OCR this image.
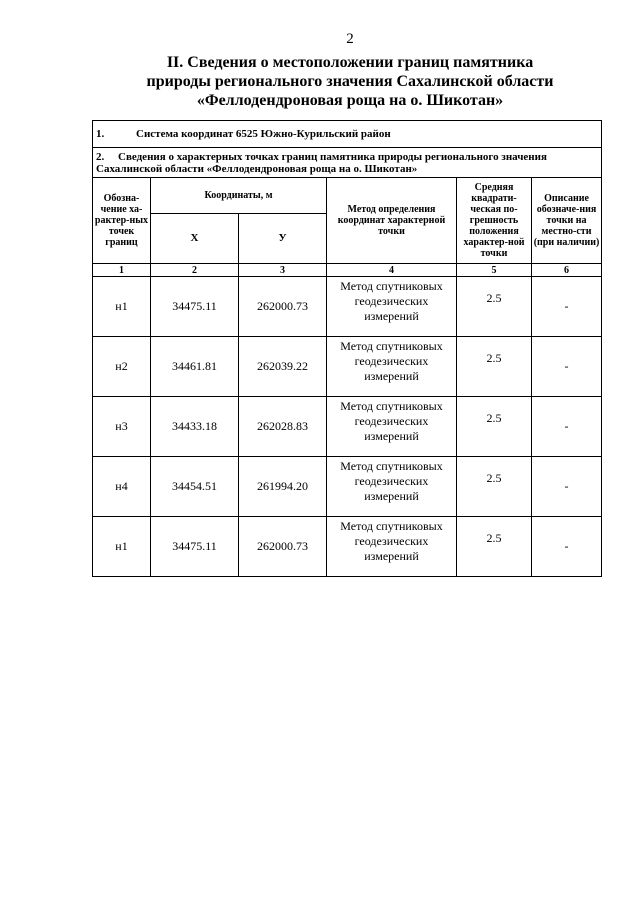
2
II. Сведения о местоположении границ памятника
природы регионального значения Сахалинской области
«Феллодендроновая роща на о. Шикотан»
1. Система координат 6525 Южно-Курильский район					
2. Сведения о характерных точках границ памятника природы регионального значения Сахалинской области «Феллодендроновая роща на о. Шикотан»					
Обозна-чение ха-рактер-ных точек границ	Координаты, м		Метод определения координат характерной точки	Средняя квадрати-ческая по-грешность положения характер-ной точки	Описание обозначе-ния точки на местно-сти (при наличии)
	X	У			
1	2	3	4	5	6
н1	34475.11	262000.73	Метод спутниковых геодезических измерений	2.5	-
н2	34461.81	262039.22	Метод спутниковых геодезических измерений	2.5	-
н3	34433.18	262028.83	Метод спутниковых геодезических измерений	2.5	-
н4	34454.51	261994.20	Метод спутниковых геодезических измерений	2.5	-
н1	34475.11	262000.73	Метод спутниковых геодезических измерений	2.5	-
